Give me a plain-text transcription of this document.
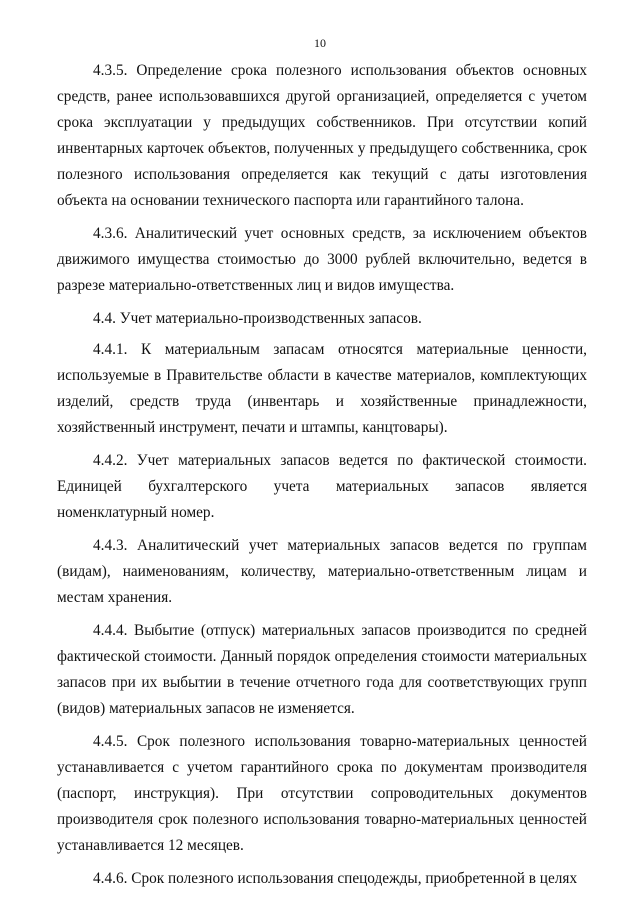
10

4.3.5. Определение срока полезного использования объектов основных средств, ранее использовавшихся другой организацией, определяется с учетом срока эксплуатации у предыдущих собственников. При отсутствии копий инвентарных карточек объектов, полученных у предыдущего собственника, срок полезного использования определяется как текущий с даты изготовления объекта на основании технического паспорта или гарантийного талона.

4.3.6. Аналитический учет основных средств, за исключением объектов движимого имущества стоимостью до 3000 рублей включительно, ведется в разрезе материально-ответственных лиц и видов имущества.

4.4. Учет материально-производственных запасов.

4.4.1. К материальным запасам относятся материальные ценности, используемые в Правительстве области в качестве материалов, комплектующих изделий, средств труда (инвентарь и хозяйственные принадлежности, хозяйственный инструмент, печати и штампы, канцтовары).

4.4.2. Учет материальных запасов ведется по фактической стоимости. Единицей бухгалтерского учета материальных запасов является номенклатурный номер.

4.4.3. Аналитический учет материальных запасов ведется по группам (видам), наименованиям, количеству, материально-ответственным лицам и местам хранения.

4.4.4. Выбытие (отпуск) материальных запасов производится по средней фактической стоимости. Данный порядок определения стоимости материальных запасов при их выбытии в течение отчетного года для соответствующих групп (видов) материальных запасов не изменяется.

4.4.5. Срок полезного использования товарно-материальных ценностей устанавливается с учетом гарантийного срока по документам производителя (паспорт, инструкция). При отсутствии сопроводительных документов производителя срок полезного использования товарно-материальных ценностей устанавливается 12 месяцев.

4.4.6. Срок полезного использования спецодежды, приобретенной в целях
